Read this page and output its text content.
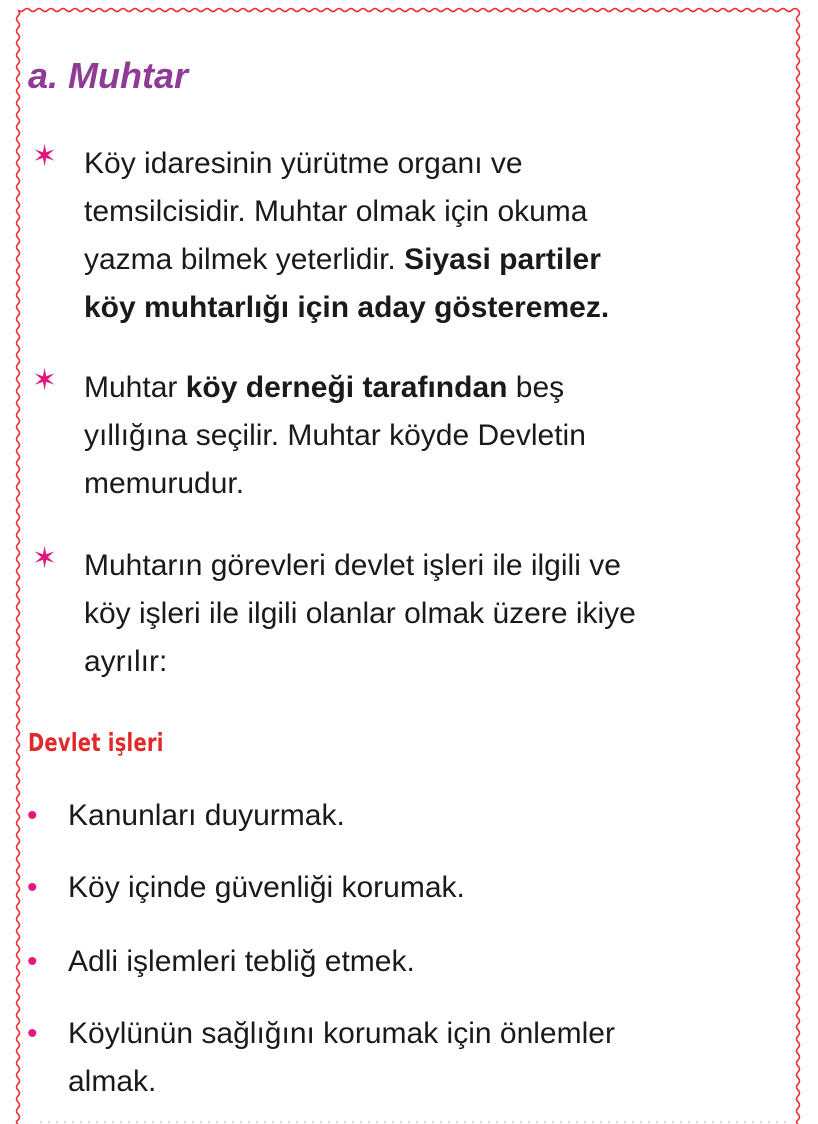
a. Muhtar
✶ Köy idaresinin yürütme organı ve
temsilcisidir. Muhtar olmak için okuma
yazma bilmek yeterlidir. Siyasi partiler
köy muhtarlığı için aday gösteremez.
✶ Muhtar köy derneği tarafından beş
yıllığına seçilir. Muhtar köyde Devletin
memurudur.
✶ Muhtarın görevleri devlet işleri ile ilgili ve
köy işleri ile ilgili olanlar olmak üzere ikiye
ayrılır:
Devlet işleri
• Kanunları duyurmak.
• Köy içinde güvenliği korumak.
• Adli işlemleri tebliğ etmek.
• Köylünün sağlığını korumak için önlemler
almak.
